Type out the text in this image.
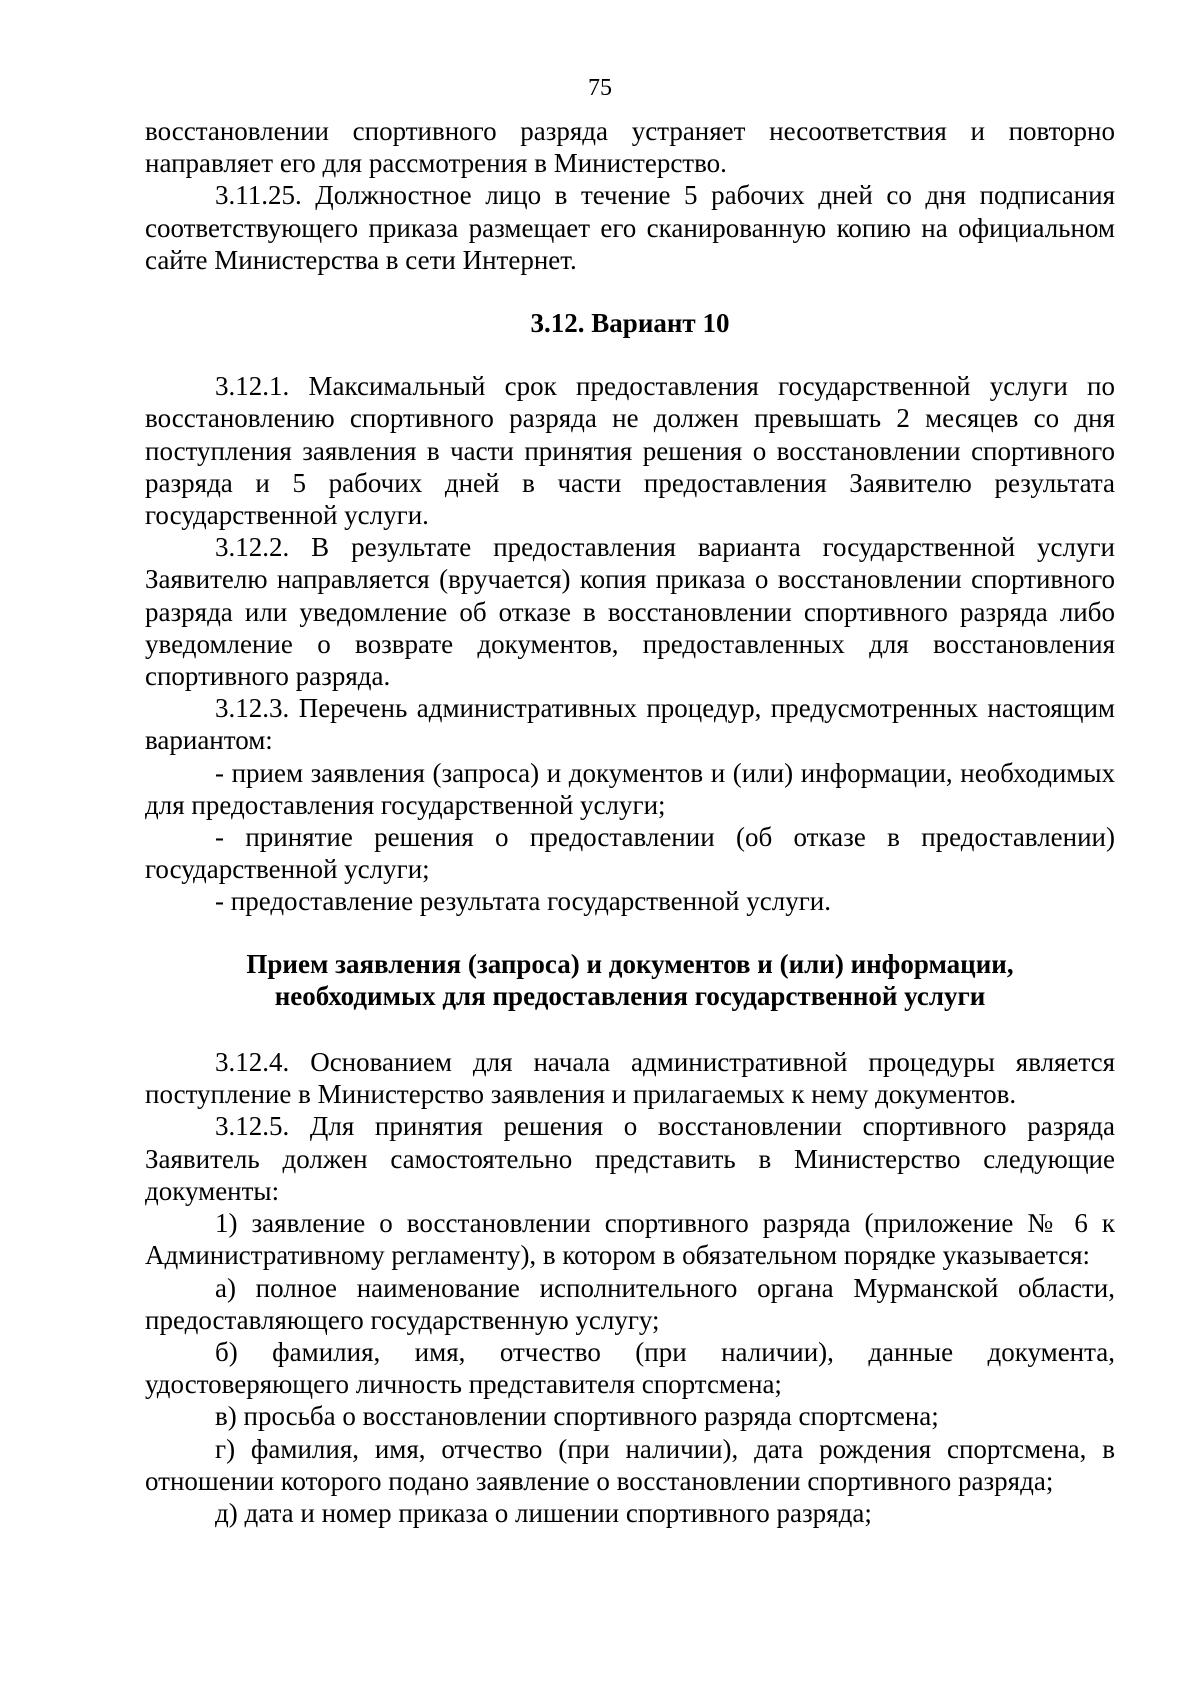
75

восстановлении спортивного разряда устраняет несоответствия и повторно направляет его для рассмотрения в Министерство.

3.11.25. Должностное лицо в течение 5 рабочих дней со дня подписания соответствующего приказа размещает его сканированную копию на официальном сайте Министерства в сети Интернет.

3.12. Вариант 10

3.12.1. Максимальный срок предоставления государственной услуги по восстановлению спортивного разряда не должен превышать 2 месяцев со дня поступления заявления в части принятия решения о восстановлении спортивного разряда и 5 рабочих дней в части предоставления Заявителю результата государственной услуги.

3.12.2. В результате предоставления варианта государственной услуги Заявителю направляется (вручается) копия приказа о восстановлении спортивного разряда или уведомление об отказе в восстановлении спортивного разряда либо уведомление о возврате документов, предоставленных для восстановления спортивного разряда.

3.12.3. Перечень административных процедур, предусмотренных настоящим вариантом:

- прием заявления (запроса) и документов и (или) информации, необходимых для предоставления государственной услуги;

- принятие решения о предоставлении (об отказе в предоставлении) государственной услуги;

- предоставление результата государственной услуги.

Прием заявления (запроса) и документов и (или) информации,
необходимых для предоставления государственной услуги

3.12.4. Основанием для начала административной процедуры является поступление в Министерство заявления и прилагаемых к нему документов.

3.12.5. Для принятия решения о восстановлении спортивного разряда Заявитель должен самостоятельно представить в Министерство следующие документы:

1) заявление о восстановлении спортивного разряда (приложение № 6 к Административному регламенту), в котором в обязательном порядке указывается:

а) полное наименование исполнительного органа Мурманской области, предоставляющего государственную услугу;

б) фамилия, имя, отчество (при наличии), данные документа, удостоверяющего личность представителя спортсмена;

в) просьба о восстановлении спортивного разряда спортсмена;

г) фамилия, имя, отчество (при наличии), дата рождения спортсмена, в отношении которого подано заявление о восстановлении спортивного разряда;

д) дата и номер приказа о лишении спортивного разряда;
